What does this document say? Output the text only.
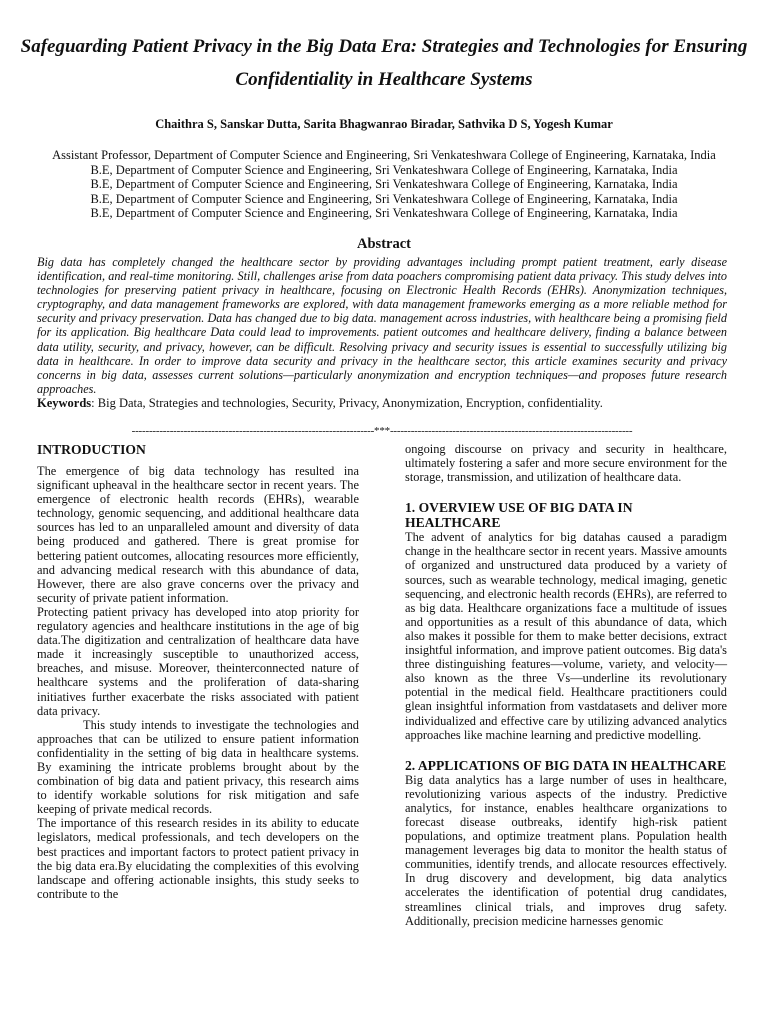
Safeguarding Patient Privacy in the Big Data Era: Strategies and Technologies for Ensuring Confidentiality in Healthcare Systems
Chaithra S, Sanskar Dutta, Sarita Bhagwanrao Biradar, Sathvika D S, Yogesh Kumar
Assistant Professor, Department of Computer Science and Engineering, Sri Venkateshwara College of Engineering, Karnataka, India
B.E, Department of Computer Science and Engineering, Sri Venkateshwara College of Engineering, Karnataka, India
B.E, Department of Computer Science and Engineering, Sri Venkateshwara College of Engineering, Karnataka, India
B.E, Department of Computer Science and Engineering, Sri Venkateshwara College of Engineering, Karnataka, India
B.E, Department of Computer Science and Engineering, Sri Venkateshwara College of Engineering, Karnataka, India
Abstract
Big data has completely changed the healthcare sector by providing advantages including prompt patient treatment, early disease identification, and real-time monitoring. Still, challenges arise from data poachers compromising patient data privacy. This study delves into technologies for preserving patient privacy in healthcare, focusing on Electronic Health Records (EHRs). Anonymization techniques, cryptography, and data management frameworks are explored, with data management frameworks emerging as a more reliable method for security and privacy preservation. Data has changed due to big data. management across industries, with healthcare being a promising field for its application. Big healthcare Data could lead to improvements. patient outcomes and healthcare delivery, finding a balance between data utility, security, and privacy, however, can be difficult. Resolving privacy and security issues is essential to successfully utilizing big data in healthcare. In order to improve data security and privacy in the healthcare sector, this article examines security and privacy concerns in big data, assesses current solutions—particularly anonymization and encryption techniques—and proposes future research approaches.
Keywords: Big Data, Strategies and technologies, Security, Privacy, Anonymization, Encryption, confidentiality.
----------------------------------------------------------------------***----------------------------------------------------------------------

INTRODUCTION

The emergence of big data technology has resulted ina significant upheaval in the healthcare sector in recent years. The emergence of electronic health records (EHRs), wearable technology, genomic sequencing, and additional healthcare data sources has led to an unparalleled amount and diversity of data being produced and gathered. There is great promise for bettering patient outcomes, allocating resources more efficiently, and advancing medical research with this abundance of data, However, there are also grave concerns over the privacy and security of private patient information.

Protecting patient privacy has developed into atop priority for regulatory agencies and healthcare institutions in the age of big data.The digitization and centralization of healthcare data have made it increasingly susceptible to unauthorized access, breaches, and misuse. Moreover, theinterconnected nature of healthcare systems and the proliferation of data-sharing initiatives further exacerbate the risks associated with patient data privacy.

This study intends to investigate the technologies and approaches that can be utilized to ensure patient information confidentiality in the setting of big data in healthcare systems. By examining the intricate problems brought about by the combination of big data and patient privacy, this research aims to identify workable solutions for risk mitigation and safe keeping of private medical records.

The importance of this research resides in its ability to educate legislators, medical professionals, and tech developers on the best practices and important factors to protect patient privacy in the big data era.By elucidating the complexities of this evolving landscape and offering actionable insights, this study seeks to contribute to the

ongoing discourse on privacy and security in healthcare, ultimately fostering a safer and more secure environment for the storage, transmission, and utilization of healthcare data.

1. OVERVIEW USE OF BIG DATA IN HEALTHCARE

The advent of analytics for big datahas caused a paradigm change in the healthcare sector in recent years. Massive amounts of organized and unstructured data produced by a variety of sources, such as wearable technology, medical imaging, genetic sequencing, and electronic health records (EHRs), are referred to as big data. Healthcare organizations face a multitude of issues and opportunities as a result of this abundance of data, which also makes it possible for them to make better decisions, extract insightful information, and improve patient outcomes. Big data's three distinguishing features—volume, variety, and velocity—also known as the three Vs—underline its revolutionary potential in the medical field. Healthcare practitioners could glean insightful information from vastdatasets and deliver more individualized and effective care by utilizing advanced analytics approaches like machine learning and predictive modelling.

2. APPLICATIONS OF BIG DATA IN HEALTHCARE

Big data analytics has a large number of uses in healthcare, revolutionizing various aspects of the industry. Predictive analytics, for instance, enables healthcare organizations to forecast disease outbreaks, identify high-risk patient populations, and optimize treatment plans. Population health management leverages big data to monitor the health status of communities, identify trends, and allocate resources effectively. In drug discovery and development, big data analytics accelerates the identification of potential drug candidates, streamlines clinical trials, and improves drug safety. Additionally, precision medicine harnesses genomic
